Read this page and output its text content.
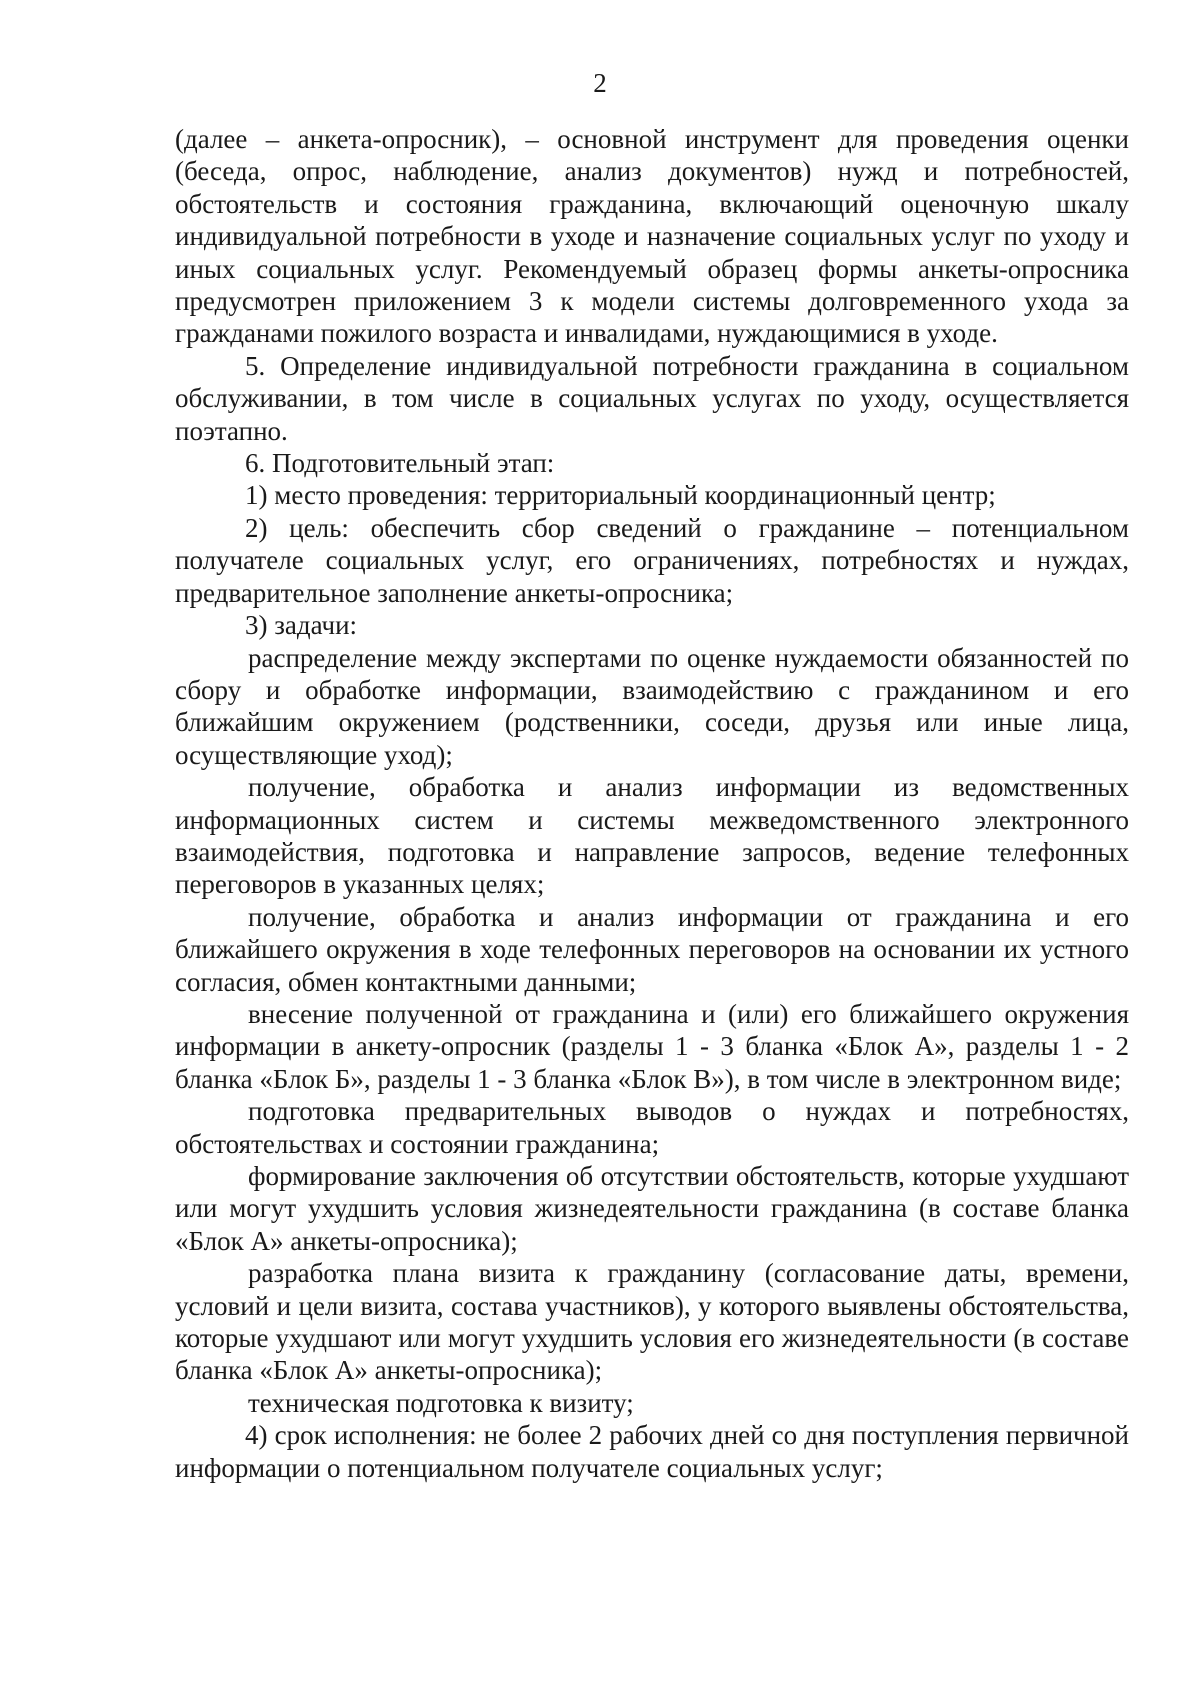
2

(далее – анкета-опросник), – основной инструмент для проведения оценки (беседа, опрос, наблюдение, анализ документов) нужд и потребностей, обстоятельств и состояния гражданина, включающий оценочную шкалу индивидуальной потребности в уходе и назначение социальных услуг по уходу и иных социальных услуг. Рекомендуемый образец формы анкеты-опросника предусмотрен приложением 3 к модели системы долговременного ухода за гражданами пожилого возраста и инвалидами, нуждающимися в уходе.

5. Определение индивидуальной потребности гражданина в социальном обслуживании, в том числе в социальных услугах по уходу, осуществляется поэтапно.

6. Подготовительный этап:

1) место проведения: территориальный координационный центр;

2) цель: обеспечить сбор сведений о гражданине – потенциальном получателе социальных услуг, его ограничениях, потребностях и нуждах, предварительное заполнение анкеты-опросника;

3) задачи:

распределение между экспертами по оценке нуждаемости обязанностей по сбору и обработке информации, взаимодействию с гражданином и его ближайшим окружением (родственники, соседи, друзья или иные лица, осуществляющие уход);

получение, обработка и анализ информации из ведомственных информационных систем и системы межведомственного электронного взаимодействия, подготовка и направление запросов, ведение телефонных переговоров в указанных целях;

получение, обработка и анализ информации от гражданина и его ближайшего окружения в ходе телефонных переговоров на основании их устного согласия, обмен контактными данными;

внесение полученной от гражданина и (или) его ближайшего окружения информации в анкету-опросник (разделы 1 - 3 бланка «Блок А», разделы 1 - 2 бланка «Блок Б», разделы 1 - 3 бланка «Блок В»), в том числе в электронном виде;

подготовка предварительных выводов о нуждах и потребностях, обстоятельствах и состоянии гражданина;

формирование заключения об отсутствии обстоятельств, которые ухудшают или могут ухудшить условия жизнедеятельности гражданина (в составе бланка «Блок А» анкеты-опросника);

разработка плана визита к гражданину (согласование даты, времени, условий и цели визита, состава участников), у которого выявлены обстоятельства, которые ухудшают или могут ухудшить условия его жизнедеятельности (в составе бланка «Блок А» анкеты-опросника);

техническая подготовка к визиту;

4) срок исполнения: не более 2 рабочих дней со дня поступления первичной информации о потенциальном получателе социальных услуг;
